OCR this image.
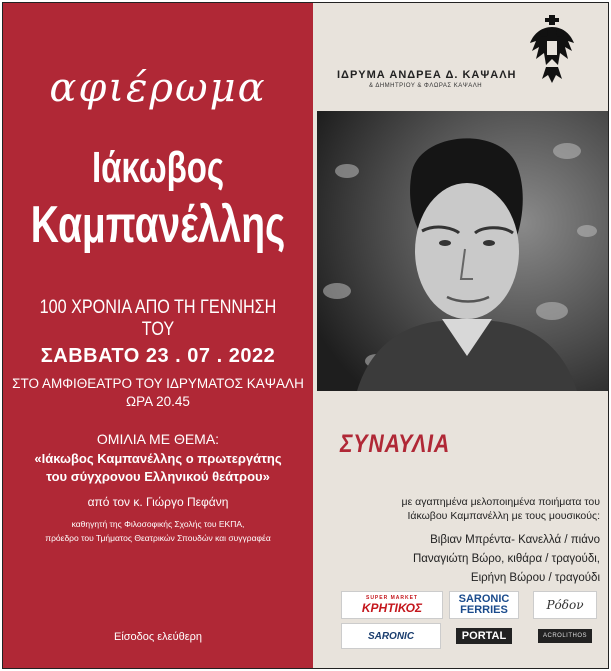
αφιέρωμα
Ιάκωβος
Καμπανέλλης
100 ΧΡΟΝΙΑ ΑΠΟ ΤΗ ΓΕΝΝΗΣΗ ΤΟΥ
ΣΑΒΒΑΤΟ 23 . 07 . 2022
ΣΤΟ ΑΜΦΙΘΕΑΤΡΟ ΤΟΥ ΙΔΡΥΜΑΤΟΣ ΚΑΨΑΛΗ
ΩΡΑ 20.45
ΟΜΙΛΙΑ ΜΕ ΘΕΜΑ:
«Ιάκωβος Καμπανέλλης ο πρωτεργάτης
του σύγχρονου Ελληνικού θεάτρου»
από τον κ. Γιώργο Πεφάνη
καθηγητή της Φιλοσοφικής Σχολής του ΕΚΠΑ,
πρόεδρο του Τμήματος Θεατρικών Σπουδών και συγγραφέα
Είσοδος ελεύθερη
ΙΔΡΥΜΑ ΑΝΔΡΕΑ Δ. ΚΑΨΑΛΗ
& ΔΗΜΗΤΡΙΟΥ & ΦΛΩΡΑΣ ΚΑΨΑΛΗ
ΣΥΝΑΥΛΙΑ
με αγαπημένα μελοποιημένα ποιήματα του
Ιάκωβου Καμπανέλλη με τους μουσικούς:
Βιβιαν Μπρέντα- Κανελλά / πιάνο
Παναγιώτη Βώρο, κιθάρα / τραγούδι,
Ειρήνη Βώρου / τραγούδι
SUPER MARKET
ΚΡΗΤΙΚΟΣ
SARONIC
FERRIES	Ρόδον
SARONIC	PORTAL	ACROLITHOS
